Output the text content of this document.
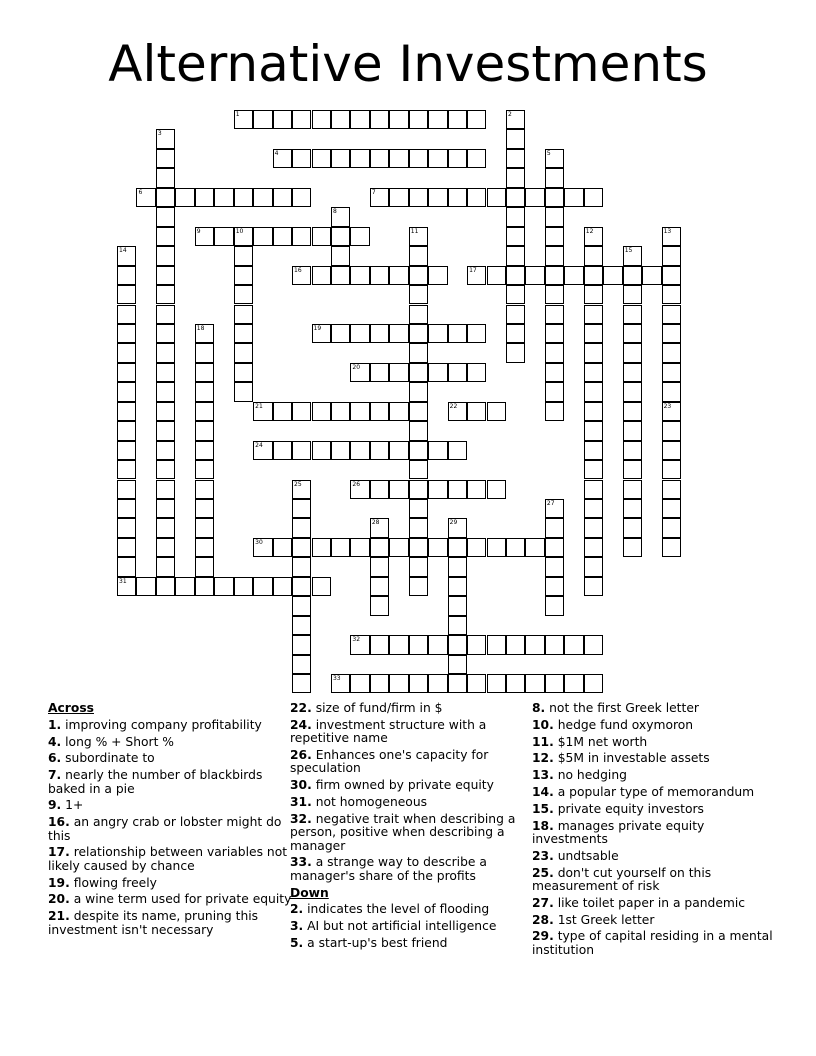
Alternative Investments
1	2
3
4	5
6	7
8
9	10	11	12	13
14
31
15
16	17
18	19
20
21	22	23
24
25	26
27
28	29
30
32
33
Across
1. improving company profitability
4. long % + Short %
6. subordinate to
7. nearly the number of blackbirds baked in a pie
9. 1+
16. an angry crab or lobster might do this
17. relationship between variables not likely caused by chance
19. flowing freely
20. a wine term used for private equity
21. despite its name, pruning this investment isn't necessary
22. size of fund/firm in $
24. investment structure with a repetitive name
26. Enhances one's capacity for speculation
30. firm owned by private equity
31. not homogeneous
32. negative trait when describing a person, positive when describing a manager
33. a strange way to describe a manager's share of the profits
Down
2. indicates the level of flooding
3. AI but not artificial intelligence
5. a start-up's best friend
8. not the first Greek letter
10. hedge fund oxymoron
11. $1M net worth
12. $5M in investable assets
13. no hedging
14. a popular type of memorandum
15. private equity investors
18. manages private equity investments
23. undtsable
25. don't cut yourself on this measurement of risk
27. like toilet paper in a pandemic
28. 1st Greek letter
29. type of capital residing in a mental institution
